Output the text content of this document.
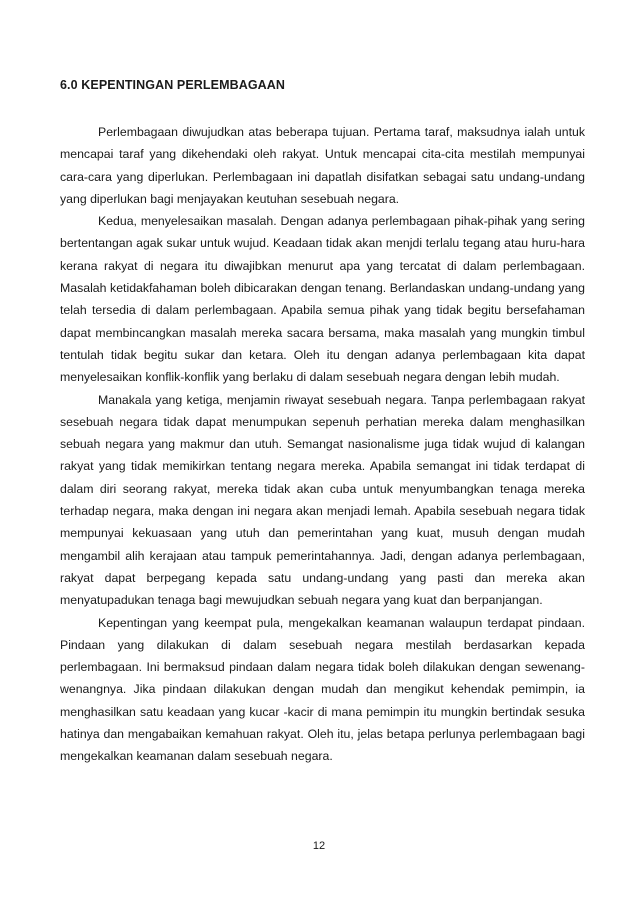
6.0 KEPENTINGAN PERLEMBAGAAN

Perlembagaan diwujudkan atas beberapa tujuan. Pertama taraf, maksudnya ialah untuk mencapai taraf yang dikehendaki oleh rakyat. Untuk mencapai cita-cita mestilah mempunyai cara-cara yang diperlukan. Perlembagaan ini dapatlah disifatkan sebagai satu undang-undang yang diperlukan bagi menjayakan keutuhan sesebuah negara.

Kedua, menyelesaikan masalah. Dengan adanya perlembagaan pihak-pihak yang sering bertentangan agak sukar untuk wujud. Keadaan tidak akan menjdi terlalu tegang atau huru-hara kerana rakyat di negara itu diwajibkan menurut apa yang tercatat di dalam perlembagaan. Masalah ketidakfahaman boleh dibicarakan dengan tenang. Berlandaskan undang-undang yang telah tersedia di dalam perlembagaan. Apabila semua pihak yang tidak begitu bersefahaman dapat membincangkan masalah mereka sacara bersama, maka masalah yang mungkin timbul tentulah tidak begitu sukar dan ketara. Oleh itu dengan adanya perlembagaan kita dapat menyelesaikan konflik-konflik yang berlaku di dalam sesebuah negara dengan lebih mudah.

Manakala yang ketiga, menjamin riwayat sesebuah negara. Tanpa perlembagaan rakyat sesebuah negara tidak dapat menumpukan sepenuh perhatian mereka dalam menghasilkan sebuah negara yang makmur dan utuh. Semangat nasionalisme juga tidak wujud di kalangan rakyat yang tidak memikirkan tentang negara mereka. Apabila semangat ini tidak terdapat di dalam diri seorang rakyat, mereka tidak akan cuba untuk menyumbangkan tenaga mereka terhadap negara, maka dengan ini negara akan menjadi lemah. Apabila sesebuah negara tidak mempunyai kekuasaan yang utuh dan pemerintahan yang kuat, musuh dengan mudah mengambil alih kerajaan atau tampuk pemerintahannya. Jadi, dengan adanya perlembagaan, rakyat dapat berpegang kepada satu undang-undang yang pasti dan mereka akan menyatupadukan tenaga bagi mewujudkan sebuah negara yang kuat dan berpanjangan.

Kepentingan yang keempat pula, mengekalkan keamanan walaupun terdapat pindaan. Pindaan yang dilakukan di dalam sesebuah negara mestilah berdasarkan kepada perlembagaan. Ini bermaksud pindaan dalam negara tidak boleh dilakukan dengan sewenang-wenangnya. Jika pindaan dilakukan dengan mudah dan mengikut kehendak pemimpin, ia menghasilkan satu keadaan yang kucar -kacir di mana pemimpin itu mungkin bertindak sesuka hatinya dan mengabaikan kemahuan rakyat. Oleh itu, jelas betapa perlunya perlembagaan bagi mengekalkan keamanan dalam sesebuah negara.

12
